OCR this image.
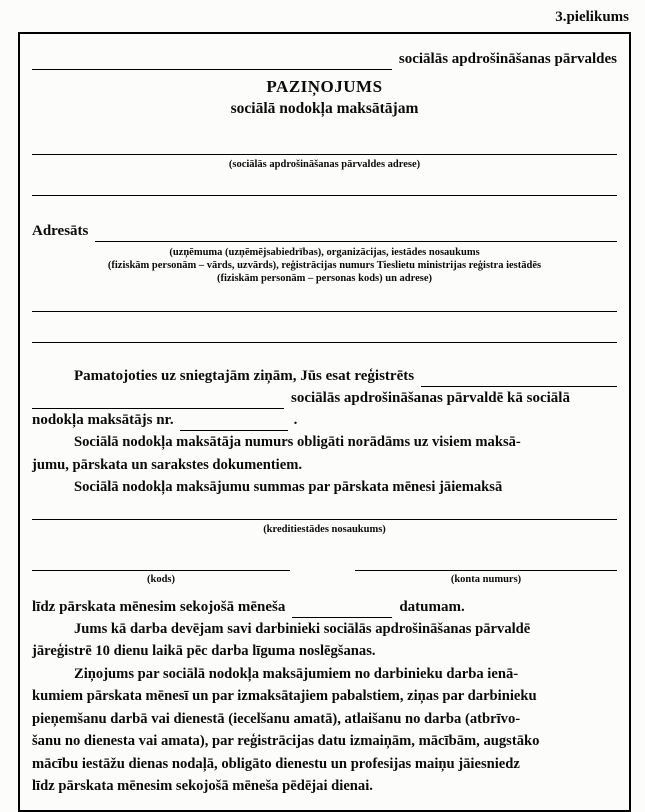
3.pielikums
sociālās apdrošināšanas pārvaldes
PAZIŅOJUMS
sociālā nodokļa maksātājam
(sociālās apdrošināšanas pārvaldes adrese)
Adresāts
(uzņēmuma (uzņēmējsabiedrības), organizācijas, iestādes nosaukums
(fiziskām personām – vārds, uzvārds), reģistrācijas numurs Tieslietu ministrijas reģistra iestādēs
(fiziskām personām – personas kods) un adrese)
Pamatojoties uz sniegtajām ziņām, Jūs esat reģistrēts
sociālās apdrošināšanas pārvaldē kā sociālā
nodokļa maksātājs nr.	.
Sociālā nodokļa maksātāja numurs obligāti norādāms uz visiem maksā-
jumu, pārskata un sarakstes dokumentiem.
Sociālā nodokļa maksājumu summas par pārskata mēnesi jāiemaksā
(kreditiestādes nosaukums)
(kods)	(konta numurs)
līdz pārskata mēnesim sekojošā mēneša	datumam.
Jums kā darba devējam savi darbinieki sociālās apdrošināšanas pārvaldē
jāreģistrē 10 dienu laikā pēc darba līguma noslēgšanas.
Ziņojums par sociālā nodokļa maksājumiem no darbinieku darba ienā-
kumiem pārskata mēnesī un par izmaksātajiem pabalstiem, ziņas par darbinieku
pieņemšanu darbā vai dienestā (iecelšanu amatā), atlaišanu no darba (atbrīvo-
šanu no dienesta vai amata), par reģistrācijas datu izmaiņām, mācībām, augstāko
mācību iestāžu dienas nodaļā, obligāto dienestu un profesijas maiņu jāiesniedz
līdz pārskata mēnesim sekojošā mēneša pēdējai dienai.
